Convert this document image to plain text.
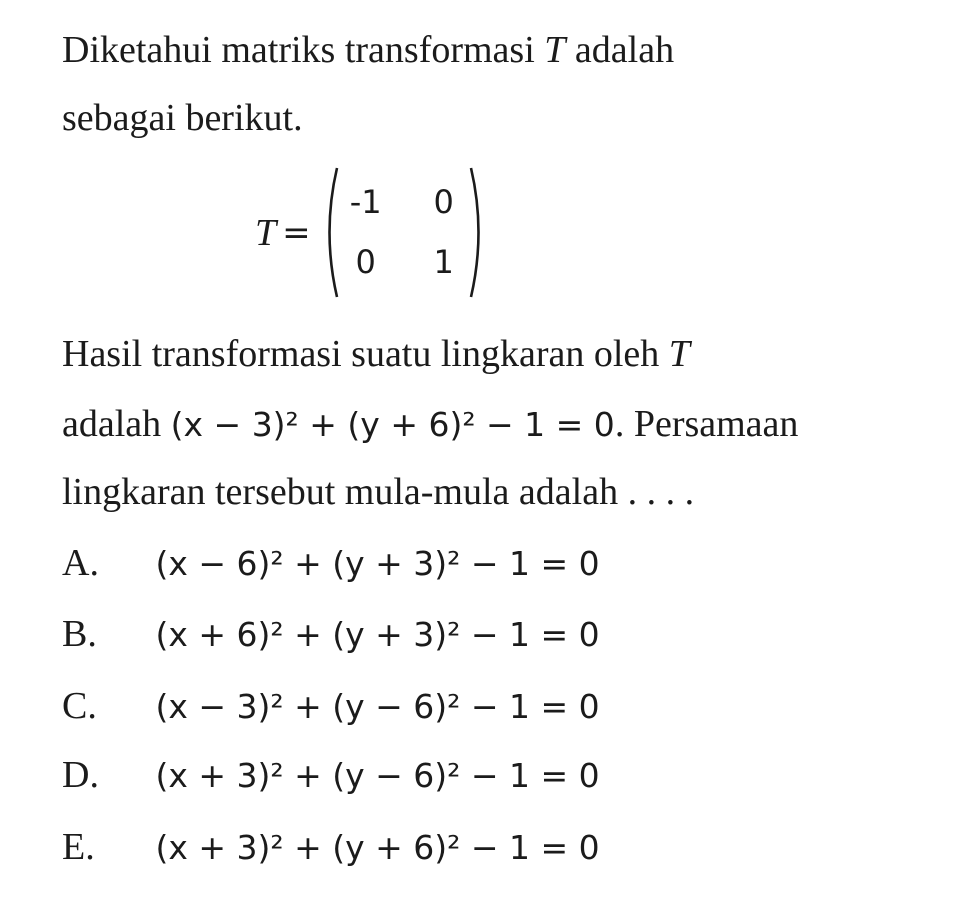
Diketahui matriks transformasi T adalah

sebagai berikut.

T =
-1	0
0	1

Hasil transformasi suatu lingkaran oleh T

adalah (x − 3)² + (y + 6)² − 1 = 0. Persamaan

lingkaran tersebut mula-mula adalah . . . .

A. (x − 6)² + (y + 3)² − 1 = 0
B. (x + 6)² + (y + 3)² − 1 = 0
C. (x − 3)² + (y − 6)² − 1 = 0
D. (x + 3)² + (y − 6)² − 1 = 0
E. (x + 3)² + (y + 6)² − 1 = 0
